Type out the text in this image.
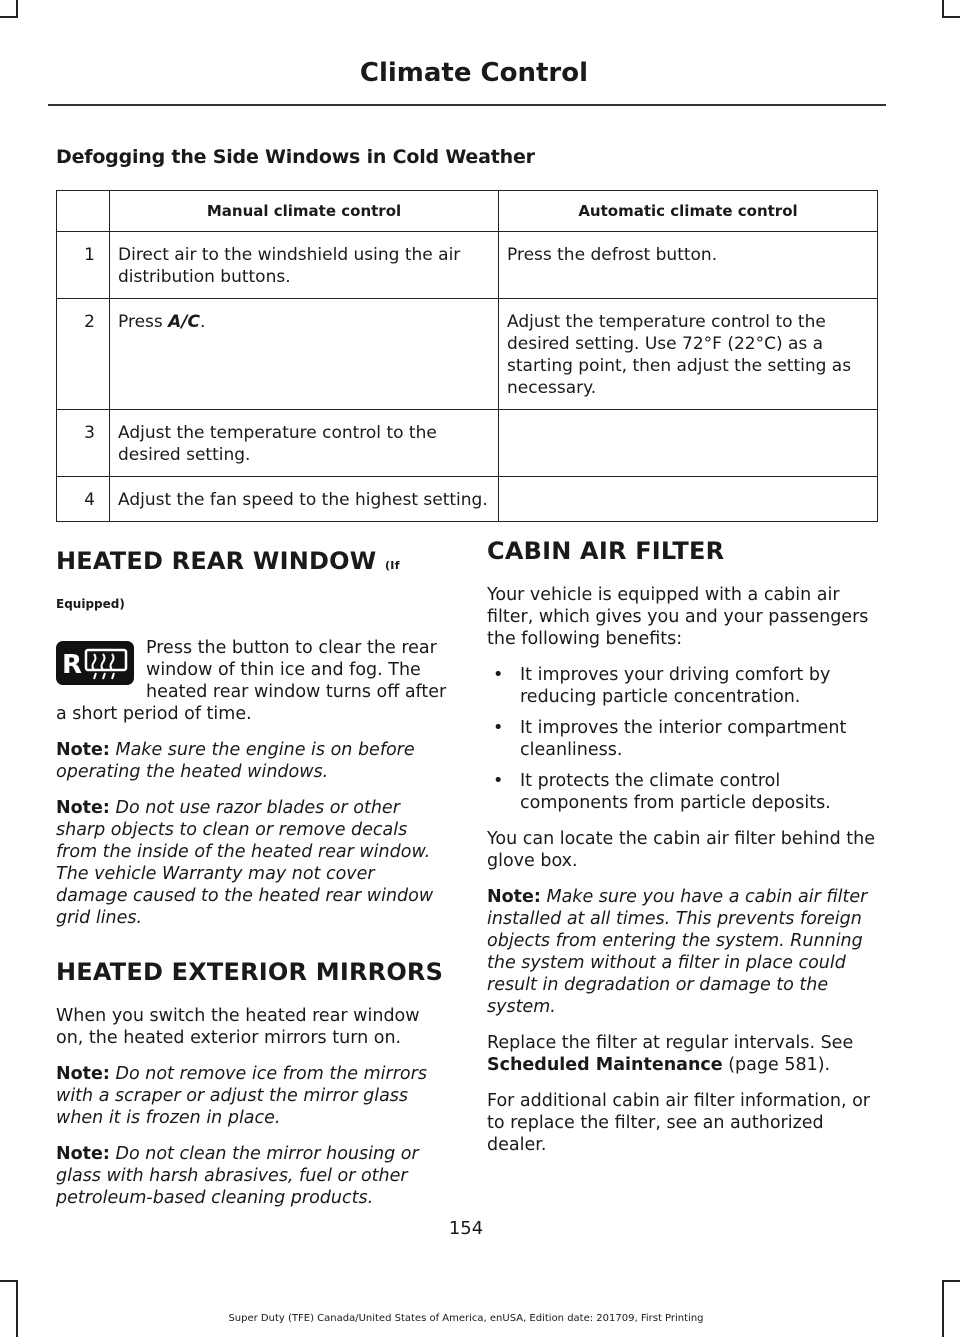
Climate Control
Defogging the Side Windows in Cold Weather
	Manual climate control	Automatic climate control
1	Direct air to the windshield using the air distribution buttons.	Press the defrost button.
2	Press A/C.	Adjust the temperature control to the desired setting. Use 72°F (22°C) as a starting point, then adjust the setting as necessary.
3	Adjust the temperature control to the desired setting.	
4	Adjust the fan speed to the highest setting.	
HEATED REAR WINDOW (If
Equipped)

R
Press the button to clear the rear window of thin ice and fog. The heated rear window turns off after a short period of time.

Note: Make sure the engine is on before operating the heated windows.

Note: Do not use razor blades or other sharp objects to clean or remove decals from the inside of the heated rear window. The vehicle Warranty may not cover damage caused to the heated rear window grid lines.

HEATED EXTERIOR MIRRORS

When you switch the heated rear window on, the heated exterior mirrors turn on.

Note: Do not remove ice from the mirrors with a scraper or adjust the mirror glass when it is frozen in place.

Note: Do not clean the mirror housing or glass with harsh abrasives, fuel or other petroleum-based cleaning products.

CABIN AIR FILTER

Your vehicle is equipped with a cabin air filter, which gives you and your passengers the following benefits:

• It improves your driving comfort by reducing particle concentration.
• It improves the interior compartment cleanliness.
• It protects the climate control components from particle deposits.

You can locate the cabin air filter behind the glove box.

Note: Make sure you have a cabin air filter installed at all times. This prevents foreign objects from entering the system. Running the system without a filter in place could result in degradation or damage to the system.

Replace the filter at regular intervals. See Scheduled Maintenance (page 581).

For additional cabin air filter information, or to replace the filter, see an authorized dealer.

154
Super Duty (TFE) Canada/United States of America, enUSA, Edition date: 201709, First Printing
